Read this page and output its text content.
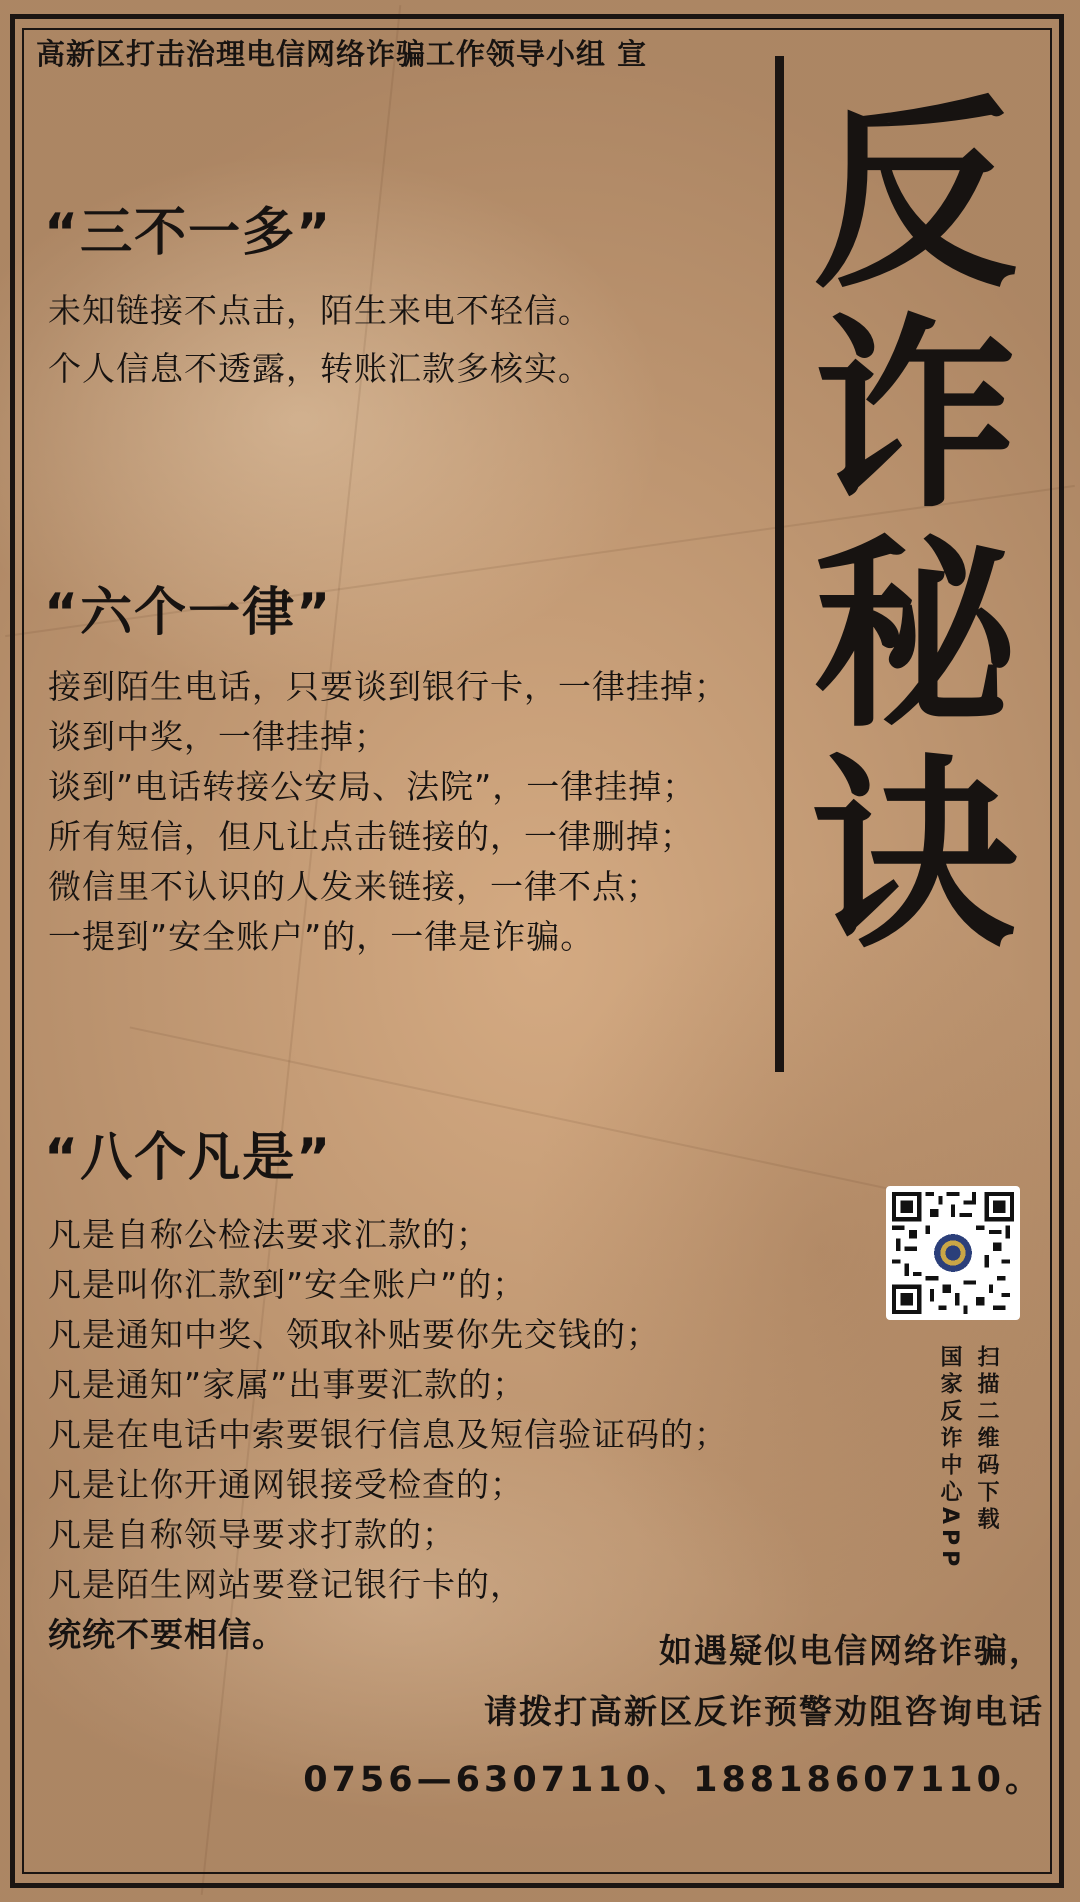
高新区打击治理电信网络诈骗工作领导小组 宣
反
诈
秘
诀
“三不一多”
未知链接不点击，陌生来电不轻信。
个人信息不透露，转账汇款多核实。
“六个一律”
接到陌生电话，只要谈到银行卡，一律挂掉；
谈到中奖，一律挂掉；
谈到”电话转接公安局、法院”，一律挂掉；
所有短信，但凡让点击链接的，一律删掉；
微信里不认识的人发来链接，一律不点；
一提到”安全账户”的，一律是诈骗。
“八个凡是”
凡是自称公检法要求汇款的；
凡是叫你汇款到”安全账户”的；
凡是通知中奖、领取补贴要你先交钱的；
凡是通知”家属”出事要汇款的；
凡是在电话中索要银行信息及短信验证码的；
凡是让你开通网银接受检查的；
凡是自称领导要求打款的；
凡是陌生网站要登记银行卡的，
统统不要相信。
国家反诈中心APP 扫描二维码下载
如遇疑似电信网络诈骗，
请拨打高新区反诈预警劝阻咨询电话
0756—6307110、18818607110。
